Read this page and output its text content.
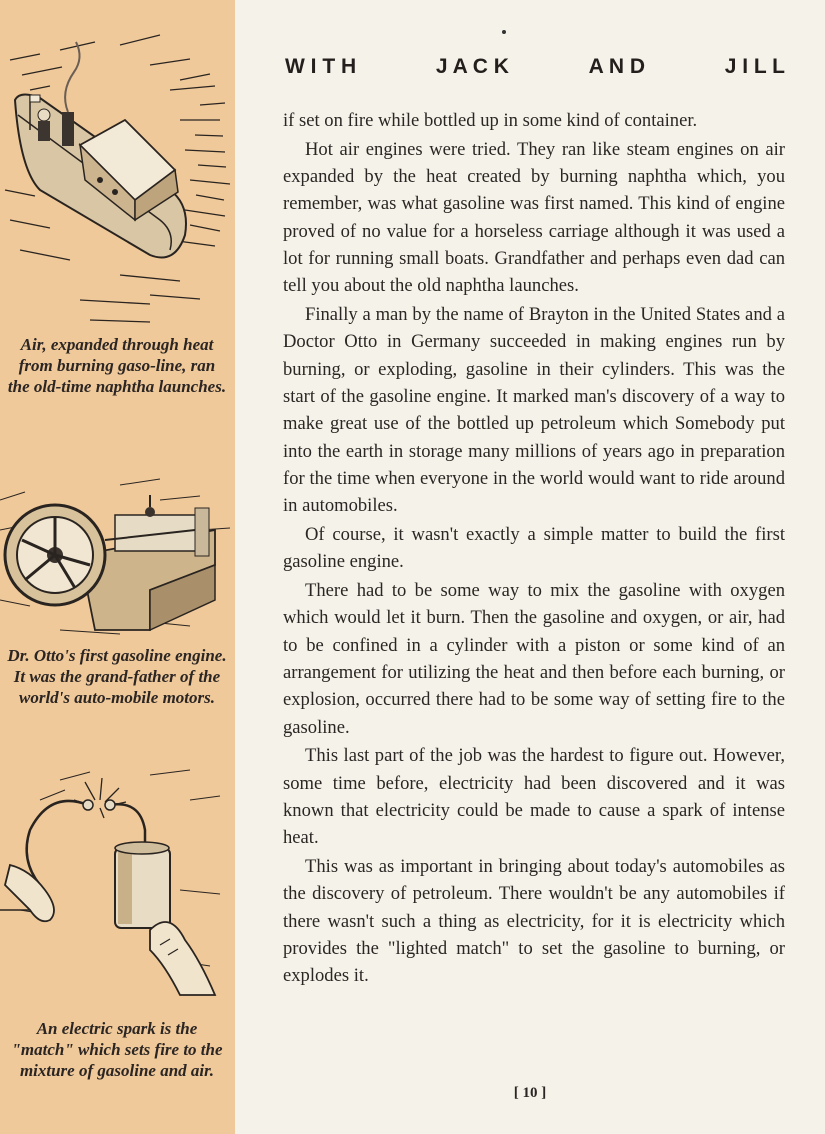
W I T H	J A C K	A N D	J I L L
Air, expanded through heat from burning gaso-line, ran the old-time naphtha launches.
Dr. Otto's first gasoline engine. It was the grand-father of the world's auto-mobile motors.
An electric spark is the "match" which sets fire to the mixture of gasoline and air.

if set on fire while bottled up in some kind of container.

Hot air engines were tried. They ran like steam engines on air expanded by the heat created by burning naphtha which, you remember, was what gasoline was first named. This kind of engine proved of no value for a horseless carriage although it was used a lot for running small boats. Grandfather and perhaps even dad can tell you about the old naphtha launches.

Finally a man by the name of Brayton in the United States and a Doctor Otto in Germany succeeded in making engines run by burning, or exploding, gasoline in their cylinders. This was the start of the gasoline engine. It marked man's discovery of a way to make great use of the bottled up petroleum which Somebody put into the earth in storage many millions of years ago in preparation for the time when everyone in the world would want to ride around in automobiles.

Of course, it wasn't exactly a simple matter to build the first gasoline engine.

There had to be some way to mix the gasoline with oxygen which would let it burn. Then the gasoline and oxygen, or air, had to be confined in a cylinder with a piston or some kind of an arrangement for utilizing the heat and then before each burning, or explosion, occurred there had to be some way of setting fire to the gasoline.

This last part of the job was the hardest to figure out. However, some time before, electricity had been discovered and it was known that electricity could be made to cause a spark of intense heat.

This was as important in bringing about today's automobiles as the discovery of petroleum. There wouldn't be any automobiles if there wasn't such a thing as electricity, for it is electricity which provides the "lighted match" to set the gasoline to burning, or explodes it.

[ 10 ]
